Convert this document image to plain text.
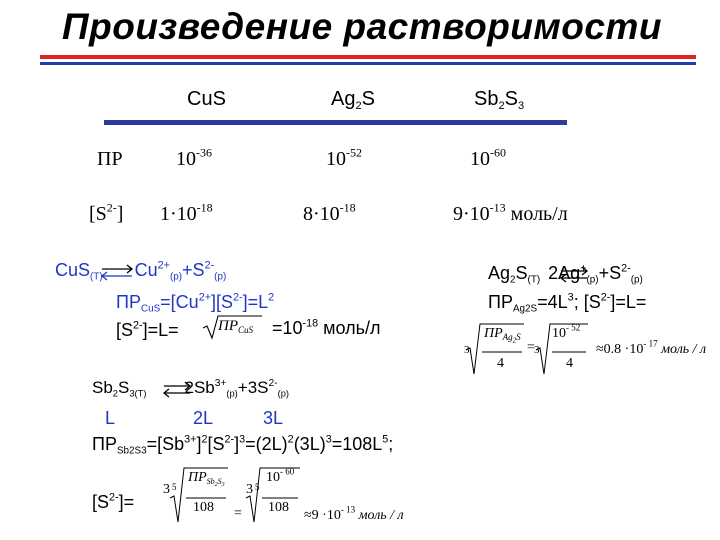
Произведение растворимости
CuS	$Ag_2S$	$Sb_2S_3$
ПР	$10^{-36}$	$10^{-52}$	$10^{-60}$
$[S^{2-}]$ $1\cdot 10^{-18}$	$8\cdot 10^{-18}$	$9\cdot 10^{-13}$ моль/л
CuS$_{(Т)}$ $Cu^{2+}_{(р)}+S^{2-}_{(р)}$
$ПР_{CuS}=[Cu^{2+}][S^{2-}]=L^2$
$[S^{2-}]=L=$	$ПР_{CuS} =10^{-18}$ моль/л
$Ag_2S_{(Т)}$ $2Ag^+_{(р)}+S^{2-}_{(р)}$
$ПР_{Ag2S}=4L^3$; $[S^{2-}]=L=$
3
$ПР_{Ag_2S}$
4
= 3
$10^{- 52}$
4
$\approx 0.8 \cdot 10^{- 17}$ моль / л
$Sb_2S_{3(Т)}$ $2Sb^{3+}_{(р)}+3S^{2-}_{(р)}$
L	2L	3L
$ПР_{Sb2S3}=[Sb^{3+}]^2[S^{2-}]^3=(2L)^2(3L)^3=108L^5$;
$[S^{2-}]=$
3 5
$ПР_{Sb_2S_3}$
108 =
3 5
$10^{- 60}$
108
$\approx 9 \cdot 10^{- 13}$ моль / л
